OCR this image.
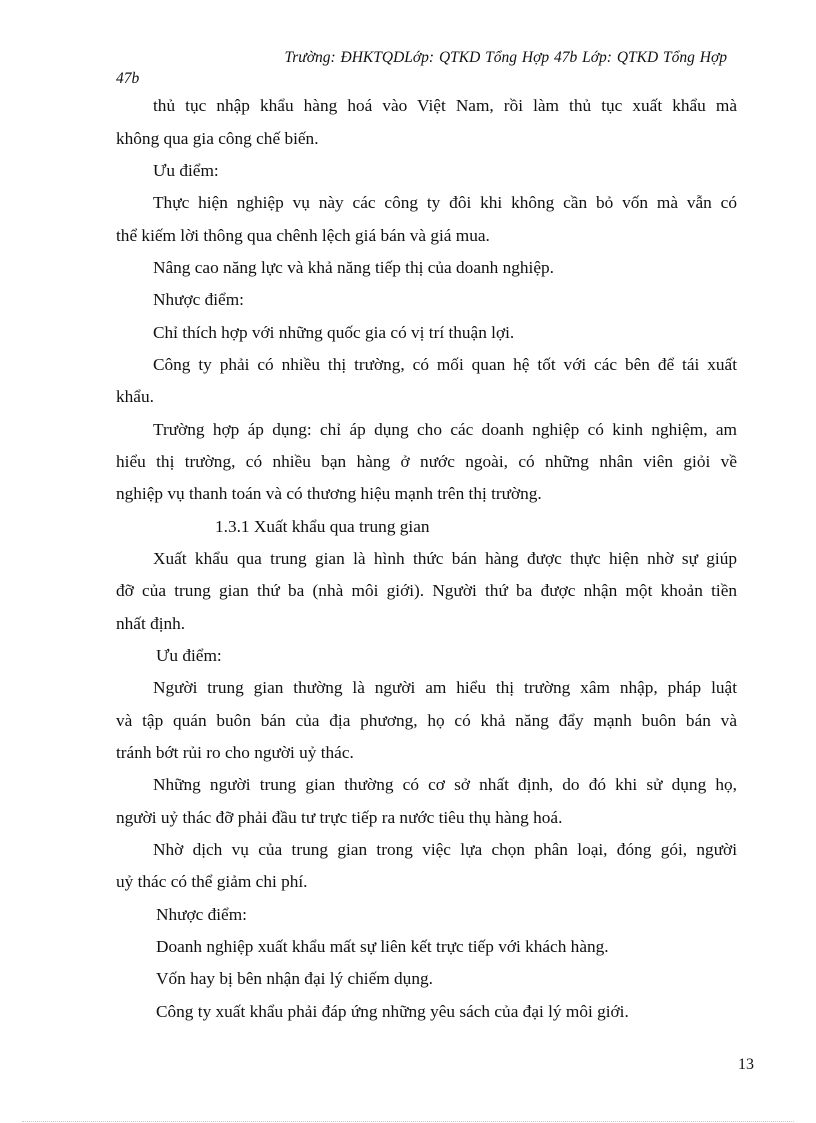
Trường: ĐHKTQDLớp: QTKD Tổng Hợp 47b Lớp: QTKD Tổng Hợp
47b
thủ tục nhập khẩu hàng hoá vào Việt Nam, rồi làm thủ tục xuất khẩu mà
không qua gia công chế biến.
Ưu điểm:
Thực hiện nghiệp vụ này các công ty đôi khi không cần bỏ vốn mà vẫn có
thể kiếm lời thông qua chênh lệch giá bán và giá mua.
Nâng cao năng lực và khả năng tiếp thị của doanh nghiệp.
Nhược điểm:
Chỉ thích hợp với những quốc gia có vị trí thuận lợi.
Công ty phải có nhiều thị trường, có mối quan hệ tốt với các bên để tái xuất
khẩu.
Trường hợp áp dụng: chỉ áp dụng cho các doanh nghiệp có kinh nghiệm, am
hiểu thị trường, có nhiều bạn hàng ở nước ngoài, có những nhân viên giỏi về
nghiệp vụ thanh toán và có thương hiệu mạnh trên thị trường.
1.3.1 Xuất khẩu qua trung gian
Xuất khẩu qua trung gian là hình thức bán hàng được thực hiện nhờ sự giúp
đỡ của trung gian thứ ba (nhà môi giới). Người thứ ba được nhận một khoản tiền
nhất định.
Ưu điểm:
Người trung gian thường là người am hiểu thị trường xâm nhập, pháp luật
và tập quán buôn bán của địa phương, họ có khả năng đẩy mạnh buôn bán và
tránh bớt rủi ro cho người uỷ thác.
Những người trung gian thường có cơ sở nhất định, do đó khi sử dụng họ,
người uỷ thác đỡ phải đầu tư trực tiếp ra nước tiêu thụ hàng hoá.
Nhờ dịch vụ của trung gian trong việc lựa chọn phân loại, đóng gói, người
uỷ thác có thể giảm chi phí.
Nhược điểm:
Doanh nghiệp xuất khẩu mất sự liên kết trực tiếp với khách hàng.
Vốn hay bị bên nhận đại lý chiếm dụng.
Công ty xuất khẩu phải đáp ứng những yêu sách của đại lý môi giới.
13
